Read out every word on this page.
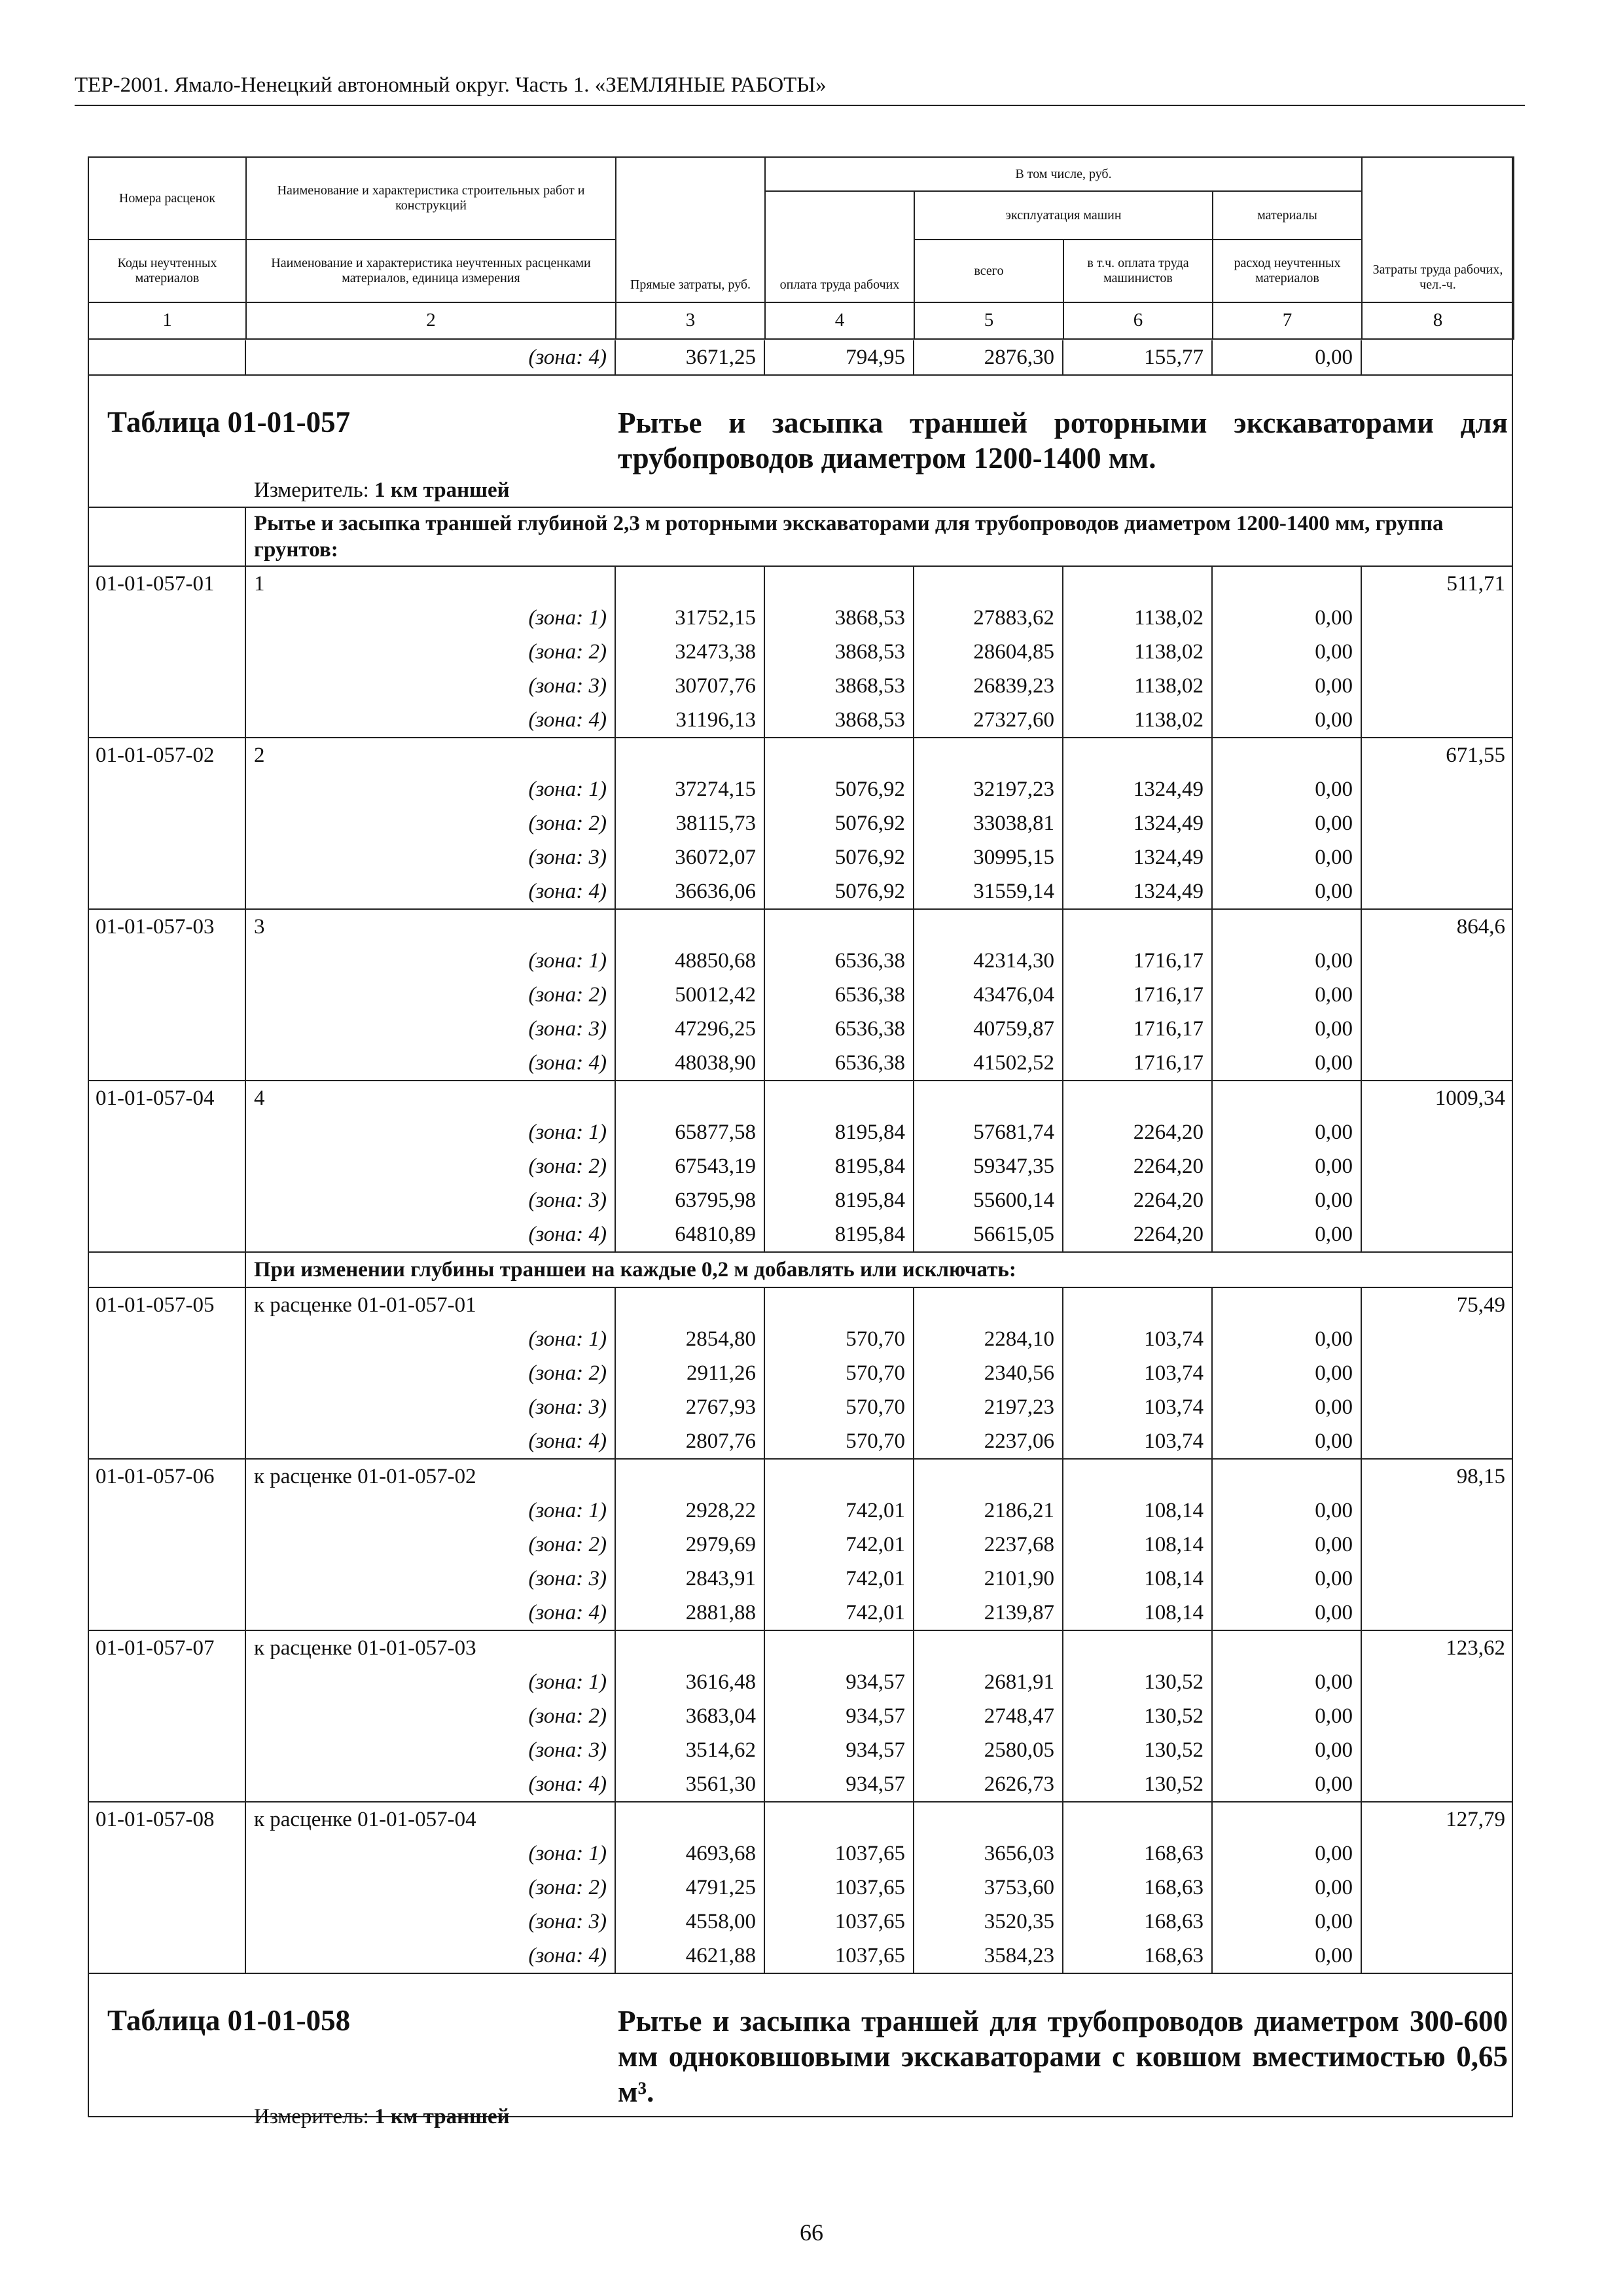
ТЕР-2001. Ямало-Ненецкий автономный округ. Часть 1. «ЗЕМЛЯНЫЕ РАБОТЫ»
Номера расценок	Наименование и характеристика строительных работ и конструкций	Прямые затраты, руб.	В том числе, руб.				Затраты труда рабочих, чел.-ч.
			оплата труда рабочих	эксплуатация машин		материалы	
Коды неучтенных материалов	Наименование и характеристика неучтенных расценками материалов, единица измерения			всего	в т.ч. оплата труда машинистов	расход неучтенных материалов	
1	2	3	4	5	6	7	8
	(зона: 4)	3671,25	794,95	2876,30	155,77	0,00	

Таблица 01-01-057 Рытье и засыпка траншей роторными экскаваторами для трубопроводов диаметром 1200-1400 мм.
Измеритель: 1 км траншей							

	Рытье и засыпка траншей глубиной 2,3 м роторными экскаваторами для трубопроводов диаметром 1200-1400 мм, группа грунтов:						
01-01-057-01	1						511,71
	(зона: 1)	31752,15	3868,53	27883,62	1138,02	0,00	
	(зона: 2)	32473,38	3868,53	28604,85	1138,02	0,00	
	(зона: 3)	30707,76	3868,53	26839,23	1138,02	0,00	
	(зона: 4)	31196,13	3868,53	27327,60	1138,02	0,00	
01-01-057-02	2						671,55
	(зона: 1)	37274,15	5076,92	32197,23	1324,49	0,00	
	(зона: 2)	38115,73	5076,92	33038,81	1324,49	0,00	
	(зона: 3)	36072,07	5076,92	30995,15	1324,49	0,00	
	(зона: 4)	36636,06	5076,92	31559,14	1324,49	0,00	
01-01-057-03	3						864,6
	(зона: 1)	48850,68	6536,38	42314,30	1716,17	0,00	
	(зона: 2)	50012,42	6536,38	43476,04	1716,17	0,00	
	(зона: 3)	47296,25	6536,38	40759,87	1716,17	0,00	
	(зона: 4)	48038,90	6536,38	41502,52	1716,17	0,00	
01-01-057-04	4						1009,34
	(зона: 1)	65877,58	8195,84	57681,74	2264,20	0,00	
	(зона: 2)	67543,19	8195,84	59347,35	2264,20	0,00	
	(зона: 3)	63795,98	8195,84	55600,14	2264,20	0,00	
	(зона: 4)	64810,89	8195,84	56615,05	2264,20	0,00	
	При изменении глубины траншеи на каждые 0,2 м добавлять или исключать:						
01-01-057-05	к расценке 01-01-057-01						75,49
	(зона: 1)	2854,80	570,70	2284,10	103,74	0,00	
	(зона: 2)	2911,26	570,70	2340,56	103,74	0,00	
	(зона: 3)	2767,93	570,70	2197,23	103,74	0,00	
	(зона: 4)	2807,76	570,70	2237,06	103,74	0,00	
01-01-057-06	к расценке 01-01-057-02						98,15
	(зона: 1)	2928,22	742,01	2186,21	108,14	0,00	
	(зона: 2)	2979,69	742,01	2237,68	108,14	0,00	
	(зона: 3)	2843,91	742,01	2101,90	108,14	0,00	
	(зона: 4)	2881,88	742,01	2139,87	108,14	0,00	
01-01-057-07	к расценке 01-01-057-03						123,62
	(зона: 1)	3616,48	934,57	2681,91	130,52	0,00	
	(зона: 2)	3683,04	934,57	2748,47	130,52	0,00	
	(зона: 3)	3514,62	934,57	2580,05	130,52	0,00	
	(зона: 4)	3561,30	934,57	2626,73	130,52	0,00	
01-01-057-08	к расценке 01-01-057-04						127,79
	(зона: 1)	4693,68	1037,65	3656,03	168,63	0,00	
	(зона: 2)	4791,25	1037,65	3753,60	168,63	0,00	
	(зона: 3)	4558,00	1037,65	3520,35	168,63	0,00	
	(зона: 4)	4621,88	1037,65	3584,23	168,63	0,00	

Таблица 01-01-058 Рытье и засыпка траншей для трубопроводов диаметром 300-600 мм одноковшовыми экскаваторами с ковшом вместимостью 0,65 м³.
Измеритель: 1 км траншей							
66
